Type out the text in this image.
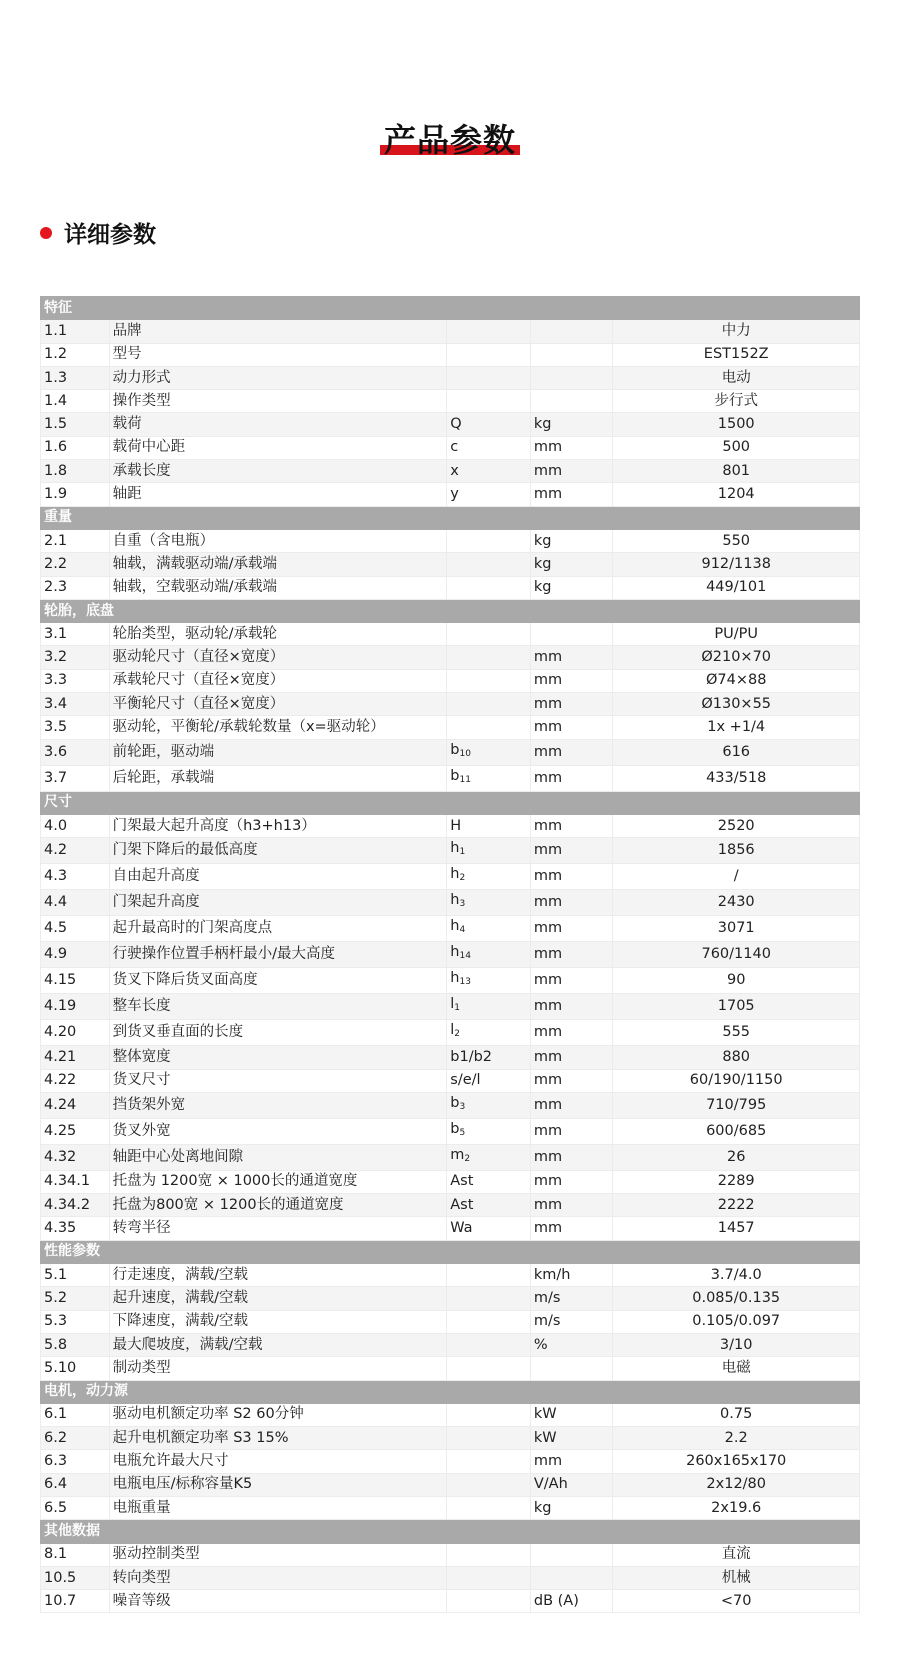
产品参数
详细参数
特征				
1.1	品牌			中力
1.2	型号			EST152Z
1.3	动力形式			电动
1.4	操作类型			步行式
1.5	载荷	Q	kg	1500
1.6	载荷中心距	c	mm	500
1.8	承载长度	x	mm	801
1.9	轴距	y	mm	1204
重量				
2.1	自重（含电瓶）		kg	550
2.2	轴载，满载驱动端/承载端		kg	912/1138
2.3	轴载，空载驱动端/承载端		kg	449/101
轮胎，底盘				
3.1	轮胎类型，驱动轮/承载轮			PU/PU
3.2	驱动轮尺寸（直径×宽度）		mm	Ø210×70
3.3	承载轮尺寸（直径×宽度）		mm	Ø74×88
3.4	平衡轮尺寸（直径×宽度）		mm	Ø130×55
3.5	驱动轮，平衡轮/承载轮数量（x=驱动轮）		mm	1x +1/4
3.6	前轮距，驱动端	$b_{10}$	mm	616
3.7	后轮距，承载端	$b_{11}$	mm	433/518
尺寸				
4.0	门架最大起升高度（h3+h13）	H	mm	2520
4.2	门架下降后的最低高度	$h_1$	mm	1856
4.3	自由起升高度	$h_2$	mm	/
4.4	门架起升高度	$h_3$	mm	2430
4.5	起升最高时的门架高度点	$h_4$	mm	3071
4.9	行驶操作位置手柄杆最小/最大高度	$h_{14}$	mm	760/1140
4.15	货叉下降后货叉面高度	$h_{13}$	mm	90
4.19	整车长度	$l_1$	mm	1705
4.20	到货叉垂直面的长度	$l_2$	mm	555
4.21	整体宽度	b1/b2	mm	880
4.22	货叉尺寸	s/e/l	mm	60/190/1150
4.24	挡货架外宽	$b_3$	mm	710/795
4.25	货叉外宽	$b_5$	mm	600/685
4.32	轴距中心处离地间隙	$m_2$	mm	26
4.34.1	托盘为 1200宽 × 1000长的通道宽度	Ast	mm	2289
4.34.2	托盘为800宽 × 1200长的通道宽度	Ast	mm	2222
4.35	转弯半径	Wa	mm	1457
性能参数				
5.1	行走速度，满载/空载		km/h	3.7/4.0
5.2	起升速度，满载/空载		m/s	0.085/0.135
5.3	下降速度，满载/空载		m/s	0.105/0.097
5.8	最大爬坡度，满载/空载		%	3/10
5.10	制动类型			电磁
电机，动力源				
6.1	驱动电机额定功率 S2 60分钟		kW	0.75
6.2	起升电机额定功率 S3 15%		kW	2.2
6.3	电瓶允许最大尺寸		mm	260x165x170
6.4	电瓶电压/标称容量K5		V/Ah	2x12/80
6.5	电瓶重量		kg	2x19.6
其他数据				
8.1	驱动控制类型			直流
10.5	转向类型			机械
10.7	噪音等级		dB (A)	<70
